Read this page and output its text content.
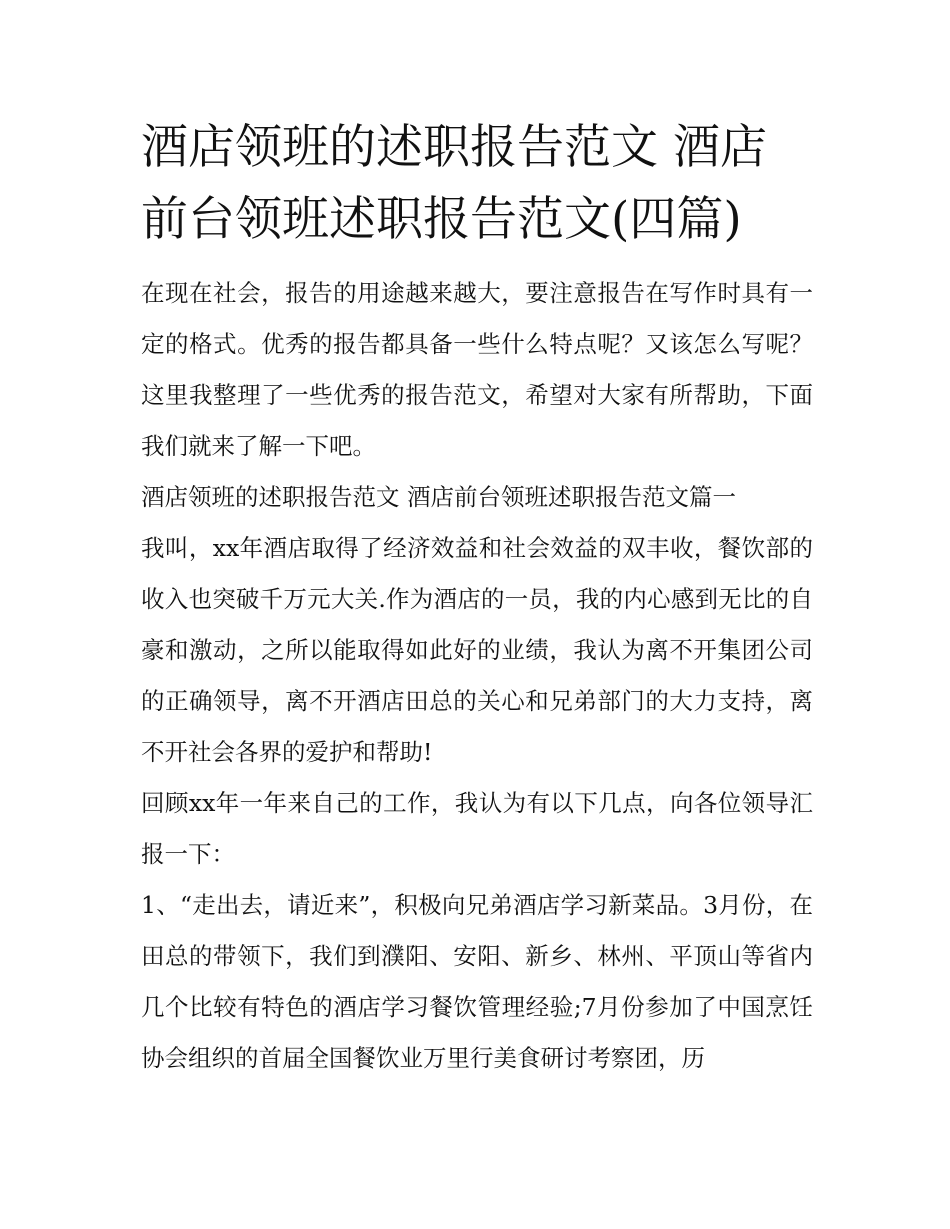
酒店领班的述职报告范文 酒店前台领班述职报告范文(四篇)

在现在社会，报告的用途越来越大，要注意报告在写作时具有一定的格式。优秀的报告都具备一些什么特点呢？又该怎么写呢？这里我整理了一些优秀的报告范文，希望对大家有所帮助，下面我们就来了解一下吧。

酒店领班的述职报告范文 酒店前台领班述职报告范文篇一

我叫，xx年酒店取得了经济效益和社会效益的双丰收，餐饮部的收入也突破千万元大关.作为酒店的一员，我的内心感到无比的自豪和激动，之所以能取得如此好的业绩，我认为离不开集团公司的正确领导，离不开酒店田总的关心和兄弟部门的大力支持，离不开社会各界的爱护和帮助!

回顾xx年一年来自己的工作，我认为有以下几点，向各位领导汇报一下：

1、“走出去，请近来”，积极向兄弟酒店学习新菜品。3月份，在田总的带领下，我们到濮阳、安阳、新乡、林州、平顶山等省内几个比较有特色的酒店学习餐饮管理经验;7月份参加了中国烹饪协会组织的首届全国餐饮业万里行美食研讨考察团，历
